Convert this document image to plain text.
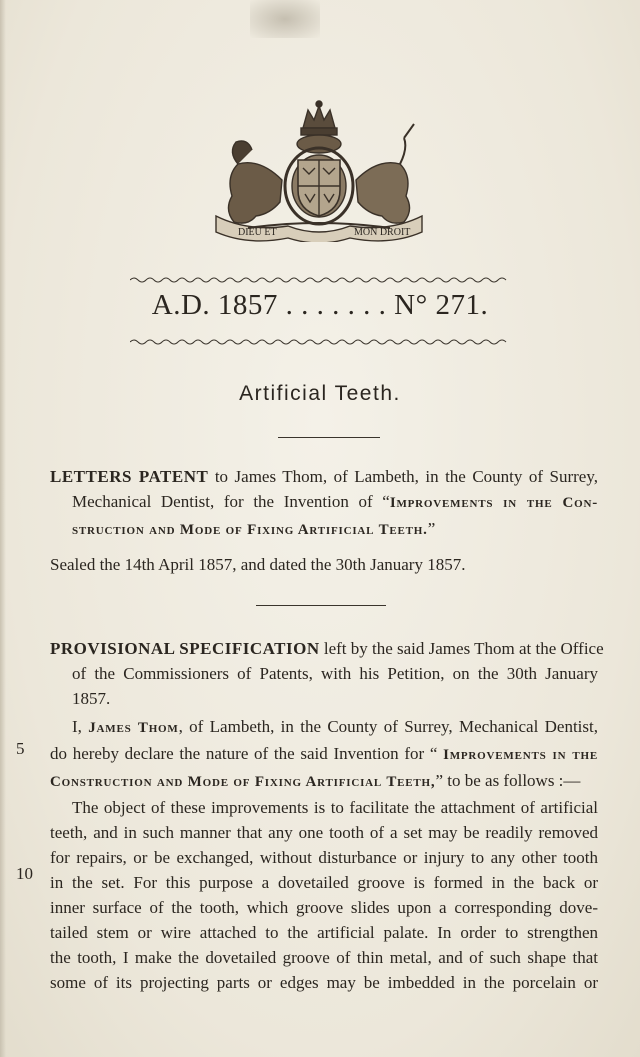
DIEU ET	MON DROIT
A.D. 1857 . . . . . . . N° 271.
Artificial Teeth.
LETTERS PATENT to James Thom, of Lambeth, in the County of Surrey,
Mechanical Dentist, for the Invention of “Improvements in the Con-
struction and Mode of Fixing Artificial Teeth.”
Sealed the 14th April 1857, and dated the 30th January 1857.
PROVISIONAL SPECIFICATION left by the said James Thom at the Office
of the Commissioners of Patents, with his Petition, on the 30th January
1857.
5
10
I, James Thom, of Lambeth, in the County of Surrey, Mechanical Dentist,
do hereby declare the nature of the said Invention for “ Improvements in the
Construction and Mode of Fixing Artificial Teeth,” to be as follows :—
The object of these improvements is to facilitate the attachment of artificial
teeth, and in such manner that any one tooth of a set may be readily removed
for repairs, or be exchanged, without disturbance or injury to any other tooth
in the set. For this purpose a dovetailed groove is formed in the back or
inner surface of the tooth, which groove slides upon a corresponding dove-
tailed stem or wire attached to the artificial palate. In order to strengthen
the tooth, I make the dovetailed groove of thin metal, and of such shape that
some of its projecting parts or edges may be imbedded in the porcelain or
